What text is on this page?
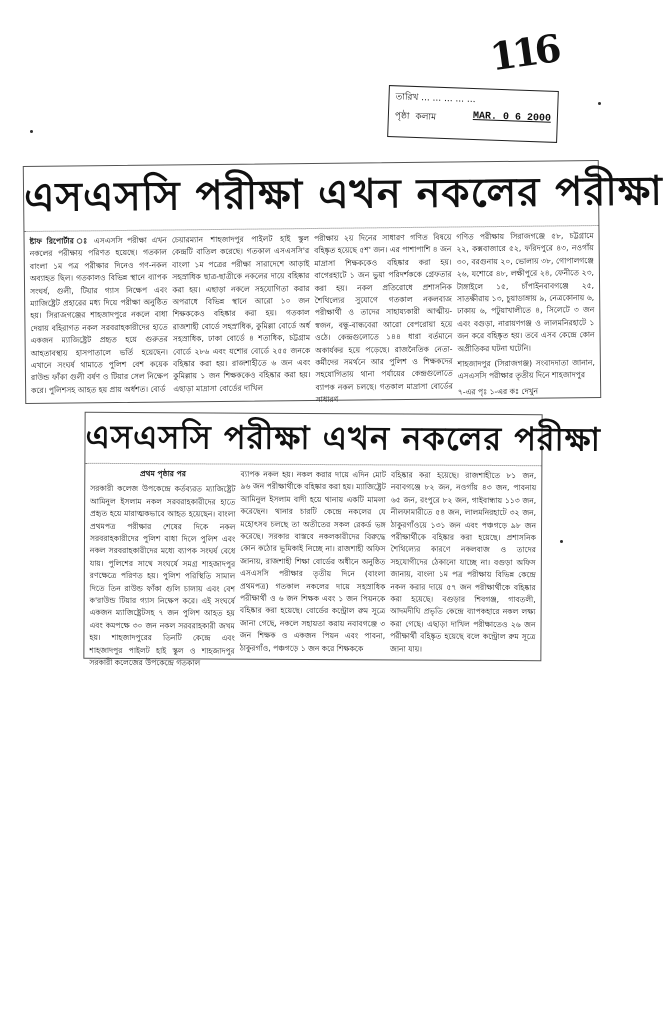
116
তারিখ ... ... ... ... ...
পৃষ্ঠা কলাম	MAR. 0 6 2000
এসএসসি পরীক্ষা এখন নকলের পরীক্ষা
ষ্টাফ রিপোর্টার ঃ এসএসসি পরীক্ষা এখন নকলের পরীক্ষায় পরিণত হয়েছে। গতকাল বাংলা ১ম পত্র পরীক্ষার দিনেও গণ-নকল অব্যাহত ছিল। গতকালও বিভিন্ন স্থানে ব্যাপক সংঘর্ষ, গুলী, টিয়ার গ্যাস নিক্ষেপ এবং ম্যাজিষ্ট্রেট প্রহারের মধ্য দিয়ে পরীক্ষা অনুষ্ঠিত হয়। সিরাজগঞ্জের শাহজাদপুরে নকলে বাধা দেয়ায় বহিরাগত নকল সরবরাহকারীদের হাতে একজন ম্যাজিষ্ট্রেট প্রহৃত হয়ে গুরুতর আহতাবস্থায় হাসপাতালে ভর্তি হয়েছেন। এখানে সংঘর্ষ থামাতে পুলিশ বেশ কয়েক রাউন্ড ফাঁকা গুলী বর্ষণ ও টিয়ার সেল নিক্ষেপ করে। পুলিশসহ আহত হয় প্রায় অর্ধশত। বোর্ড
চেয়ারম্যান শাহজাদপুর পাইলট হাই স্কুল কেন্দ্রটি বাতিল করেছে। গতকাল এসএসসি'র বাংলা ১ম পত্রের পরীক্ষা সারাদেশে আড়াই সহস্রাধিক ছাত্র-ছাত্রীকে নকলের দায়ে বহিষ্কার করা হয়। এছাড়া নকলে সহযোগিতা করার অপরাধে বিভিন্ন স্থানে আরো ১০ জন শিক্ষককেও বহিষ্কার করা হয়। গতকাল রাজশাহী বোর্ডে সহস্রাধিক, কুমিল্লা বোর্ডে অর্ধ সহস্রাধিক, ঢাকা বোর্ডে ৪ শতাধিক, চট্টগ্রাম বোর্ডে ২৮৬ এবং যশোর বোর্ডে ২৫৫ জনকে বহিষ্কার করা হয়। রাজশাহীতে ৬ জন এবং কুমিল্লায় ১ জন শিক্ষককেও বহিষ্কার করা হয়। এছাড়া মাদ্রাসা বোর্ডের দাখিল
পরীক্ষায় ২য় দিনের সাধারণ গণিত বিষয়ে বহিষ্কৃত হয়েছে ৫শ' জন। এর পাশাপাশি ৪ জন মাদ্রাসা শিক্ষককেও বহিষ্কার করা হয়। বাগেরহাটে ১ জন ভুয়া পরিদর্শককে গ্রেফতার করা হয়। নকল প্রতিরোধে প্রশাসনিক শৈথিল্যের সুযোগে গতকাল নকলবাজ পরীক্ষার্থী ও তাদের সাহায্যকারী আত্মীয়-স্বজন, বন্ধু-বান্ধবেরা আরো বেপরোয়া হয়ে ওঠে। কেন্দ্রগুলোতে ১৪৪ ধারা বর্তমানে অকার্যকর হয়ে পড়েছে। রাজনৈতিক নেতা-কর্মীদের সমর্থনে আর পুলিশ ও শিক্ষকদের সহযোগিতায় থানা পর্যায়ের কেন্দ্রগুলোতে ব্যাপক নকল চলছে। গতকাল মাদ্রাসা বোর্ডের সাধারণ

গণিত পরীক্ষায় সিরাজগঞ্জে ৫৮, চট্টগ্রামে ২২, কক্সবাজারে ৫২, ফরিদপুরে ৪৩, নওগাঁয় ৩০, বরগুনায় ২০, ভোলায় ৩৮, গোপালগঞ্জে ২৬, যশোরে ৪৮, লক্ষীপুরে ২৪, ফেনীতে ২৩, টাঙ্গাইলে ১৫, চাঁপাইনবাবগঞ্জে ২৫, সাতক্ষীরায় ১৩, চুয়াডাঙ্গায় ৯, নেত্রকোনায় ৬, ঢাকায় ৬, পটুয়াখালীতে ৪, সিলেটে ৩ জন এবং বগুড়া, নারায়ণগঞ্জ ও লালমনিরহাটে ১ জন করে বহিষ্কৃত হয়। তবে এসব কেন্দ্রে কোন অপ্রীতিকর ঘটনা ঘটেনি।

শাহজাদপুর (সিরাজগঞ্জ) সংবাদদাতা জানান, এসএসসি পরীক্ষার তৃতীয় দিনে শাহজাদপুর

৭-এর পৃঃ ১-এর কঃ দেখুন

এসএসসি পরীক্ষা এখন নকলের পরীক্ষা

প্রথম পৃষ্ঠার পর

সরকারী কলেজ উপকেন্দ্রে কর্তব্যরত ম্যাজিষ্ট্রেট আমিনুল ইসলাম নকল সরবরাহকারীদের হাতে প্রহৃত হয়ে মারাত্মকভাবে আহত হয়েছেন। বাংলা প্রথমপত্র পরীক্ষার শেষের দিকে নকল সরবরাহকারীদের পুলিশ বাধা দিলে পুলিশ এবং নকল সরবরাহকারীদের মধ্যে ব্যাপক সংঘর্ষ বেধে যায়। পুলিশের সাথে সংঘর্ষে সমগ্র শাহজাদপুর রণক্ষেত্রে পরিণত হয়। পুলিশ পরিস্থিতি সামাল দিতে তিন রাউন্ড ফাঁকা গুলি চালায় এবং বেশ ক'রাউন্ড টিয়ার গ্যাস নিক্ষেপ করে। এই সংঘর্ষে একজন ম্যাজিষ্ট্রেটসহ ৭ জন পুলিশ আহত হয় এবং কমপক্ষে ৩০ জন নকল সরবরাহকারী জখম হয়। শাহজাদপুরের তিনটি কেন্দ্রে এবং শাহজাদপুর পাইলট হাই স্কুল ও শাহজাদপুর সরকারী কলেজের উপকেন্দ্রে গতকাল
ব্যাপক নকল হয়। নকল করার দায়ে এদিন মোট ৯৬ জন পরীক্ষার্থীকে বহিষ্কার করা হয়। ম্যাজিষ্ট্রেট আমিনুল ইসলাম বাদী হয়ে থানায় একটি মামলা করেছেন। থানার চারটি কেন্দ্রে নকলের যে মহোৎসব চলছে তা অতীতের সকল রেকর্ড ভঙ্গ করেছে। সরকার বাস্তবে নকলকারীদের বিরুদ্ধে কোন কঠোর ভূমিকাই নিচ্ছে না। রাজশাহী অফিস জানায়, রাজশাহী শিক্ষা বোর্ডের অধীনে অনুষ্ঠিত এসএসসি পরীক্ষার তৃতীয় দিনে (বাংলা প্রথমপত্র) গতকাল নকলের দায়ে সহস্রাধিক পরীক্ষার্থী ও ৬ জন শিক্ষক এবং ১ জন পিয়নকে বহিষ্কার করা হয়েছে। বোর্ডের কন্ট্রোল রুম সূত্রে জানা গেছে, নকলে সহায়তা করায় নবাবগঞ্জে ৩ জন শিক্ষক ও একজন পিয়ন এবং পাবনা, ঠাকুরগাঁও, পঞ্চগড়ে ১ জন করে শিক্ষককে
বহিষ্কার করা হয়েছে। রাজশাহীতে ৮১ জন, নবাবগঞ্জে ৮২ জন, নওগাঁয় ৪৩ জন, পাবনায় ৬৫ জন, রংপুরে ৮২ জন, গাইবান্ধায় ১১৩ জন, নীলফামারীতে ৫৪ জন, লালমনিরহাটে ৩২ জন, ঠাকুরগাঁওয়ে ১৩১ জন এবং পঞ্চগড়ে ৯৮ জন পরীক্ষার্থীকে বহিষ্কার করা হয়েছে। প্রশাসনিক শৈথিল্যের কারণে নকলবাজ ও তাদের সহযোগীদের ঠেকানো যাচ্ছে না। বগুড়া অফিস জানায়, বাংলা ১ম পত্র পরীক্ষায় বিভিন্ন কেন্দ্রে নকল করার দায়ে ৫৭ জন পরীক্ষার্থীকে বহিষ্কার করা হয়েছে। বগুড়ার শিবগঞ্জ, গাবতলী, আদমদীঘি প্রভৃতি কেন্দ্রে ব্যাপকহারে নকল লক্ষ্য করা গেছে। এছাড়া দাখিল পরীক্ষাতেও ২৬ জন পরীক্ষার্থী বহিষ্কৃত হয়েছে বলে কন্ট্রোল রুম সূত্রে জানা যায়।
